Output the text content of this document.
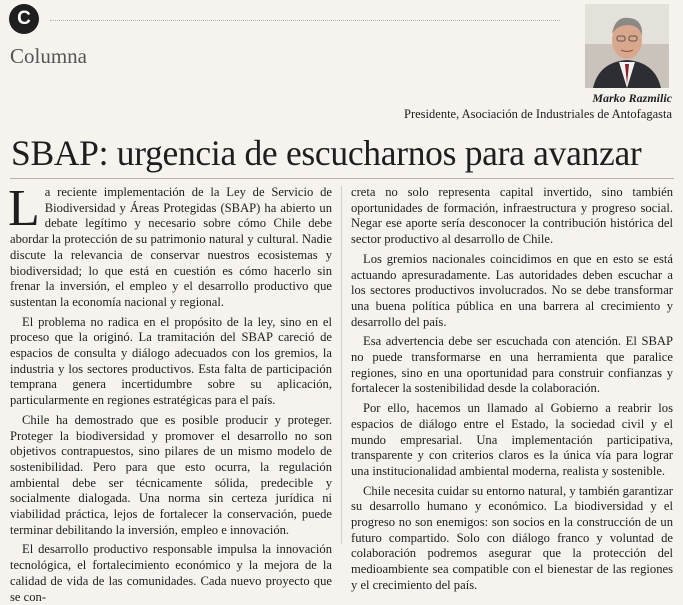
C
Columna
Marko Razmilic
Presidente, Asociación de Industriales de Antofagasta
SBAP: urgencia de escucharnos para avanzar

La reciente implementación de la Ley de Servicio de Biodiversidad y Áreas Protegidas (SBAP) ha abierto un debate legítimo y necesario sobre cómo Chile debe abordar la protección de su patrimonio natural y cultural. Nadie discute la relevancia de conservar nuestros ecosistemas y biodiversidad; lo que está en cuestión es cómo hacerlo sin frenar la inversión, el empleo y el desarrollo productivo que sustentan la economía nacional y regional.

El problema no radica en el propósito de la ley, sino en el proceso que la originó. La tramitación del SBAP careció de espacios de consulta y diálogo adecuados con los gremios, la industria y los sectores productivos. Esta falta de participación temprana genera incertidumbre sobre su aplicación, particularmente en regiones estratégicas para el país.

Chile ha demostrado que es posible producir y proteger. Proteger la biodiversidad y promover el desarrollo no son objetivos contrapuestos, sino pilares de un mismo modelo de sostenibilidad. Pero para que esto ocurra, la regulación ambiental debe ser técnicamente sólida, predecible y socialmente dialogada. Una norma sin certeza jurídica ni viabilidad práctica, lejos de fortalecer la conservación, puede terminar debilitando la inversión, empleo e innovación.

El desarrollo productivo responsable impulsa la innovación tecnológica, el fortalecimiento económico y la mejora de la calidad de vida de las comunidades. Cada nuevo proyecto que se con-

creta no solo representa capital invertido, sino también oportunidades de formación, infraestructura y progreso social. Negar ese aporte sería desconocer la contribución histórica del sector productivo al desarrollo de Chile.

Los gremios nacionales coincidimos en que en esto se está actuando apresuradamente. Las autoridades deben escuchar a los sectores productivos involucrados. No se debe transformar una buena política pública en una barrera al crecimiento y desarrollo del país.

Esa advertencia debe ser escuchada con atención. El SBAP no puede transformarse en una herramienta que paralice regiones, sino en una oportunidad para construir confianzas y fortalecer la sostenibilidad desde la colaboración.

Por ello, hacemos un llamado al Gobierno a reabrir los espacios de diálogo entre el Estado, la sociedad civil y el mundo empresarial. Una implementación participativa, transparente y con criterios claros es la única vía para lograr una institucionalidad ambiental moderna, realista y sostenible.

Chile necesita cuidar su entorno natural, y también garantizar su desarrollo humano y económico. La biodiversidad y el progreso no son enemigos: son socios en la construcción de un futuro compartido. Solo con diálogo franco y voluntad de colaboración podremos asegurar que la protección del medioambiente sea compatible con el bienestar de las regiones y el crecimiento del país.
